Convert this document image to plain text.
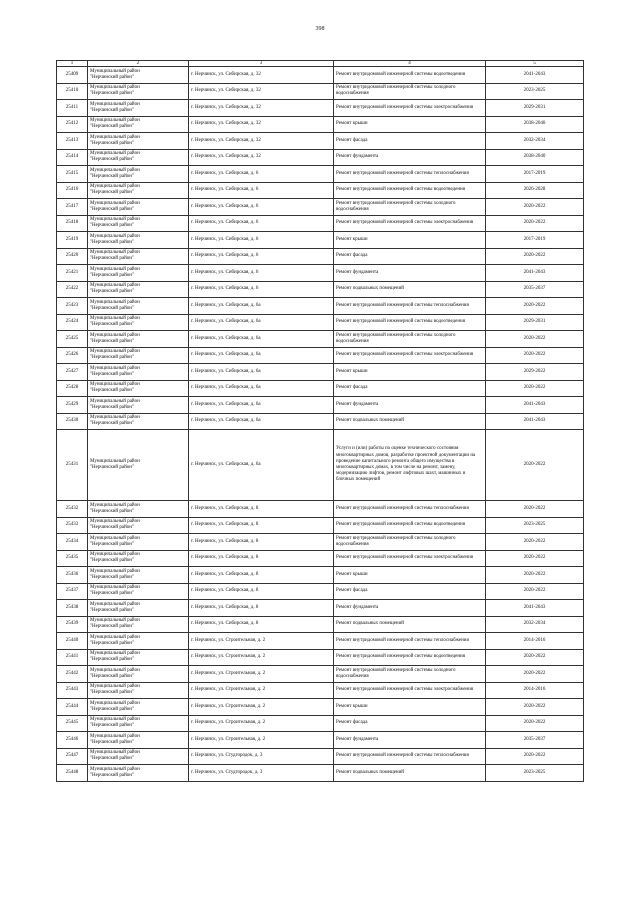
398
1	2	3	4	5
25409	Муниципальный район
"Нерчинский район"	г. Нерчинск, ул. Сибирская, д. 32	Ремонт внутридомовой инженерной системы водоотведения	2041-2043
25410	Муниципальный район
"Нерчинский район"	г. Нерчинск, ул. Сибирская, д. 32	Ремонт внутридомовой инженерной системы холодного водоснабжения	2023-2025
25411	Муниципальный район
"Нерчинский район"	г. Нерчинск, ул. Сибирская, д. 32	Ремонт внутридомовой инженерной системы электроснабжения	2029-2031
25412	Муниципальный район
"Нерчинский район"	г. Нерчинск, ул. Сибирская, д. 32	Ремонт крыши	2038-2040
25413	Муниципальный район
"Нерчинский район"	г. Нерчинск, ул. Сибирская, д. 32	Ремонт фасада	2032-2034
25414	Муниципальный район
"Нерчинский район"	г. Нерчинск, ул. Сибирская, д. 32	Ремонт фундамента	2038-2040
25415	Муниципальный район
"Нерчинский район"	г. Нерчинск, ул. Сибирская, д. 6	Ремонт внутридомовой инженерной системы теплоснабжения	2017-2019
25416	Муниципальный район
"Нерчинский район"	г. Нерчинск, ул. Сибирская, д. 6	Ремонт внутридомовой инженерной системы водоотведения	2026-2028
25417	Муниципальный район
"Нерчинский район"	г. Нерчинск, ул. Сибирская, д. 6	Ремонт внутридомовой инженерной системы холодного водоснабжения	2020-2022
25418	Муниципальный район
"Нерчинский район"	г. Нерчинск, ул. Сибирская, д. 6	Ремонт внутридомовой инженерной системы электроснабжения	2020-2022
25419	Муниципальный район
"Нерчинский район"	г. Нерчинск, ул. Сибирская, д. 6	Ремонт крыши	2017-2019
25420	Муниципальный район
"Нерчинский район"	г. Нерчинск, ул. Сибирская, д. 6	Ремонт фасада	2020-2022
25421	Муниципальный район
"Нерчинский район"	г. Нерчинск, ул. Сибирская, д. 6	Ремонт фундамента	2041-2043
25422	Муниципальный район
"Нерчинский район"	г. Нерчинск, ул. Сибирская, д. 6	Ремонт подвальных помещений	2035-2037
25423	Муниципальный район
"Нерчинский район"	г. Нерчинск, ул. Сибирская, д. 6а	Ремонт внутридомовой инженерной системы теплоснабжения	2020-2022
25424	Муниципальный район
"Нерчинский район"	г. Нерчинск, ул. Сибирская, д. 6а	Ремонт внутридомовой инженерной системы водоотведения	2029-2031
25425	Муниципальный район
"Нерчинский район"	г. Нерчинск, ул. Сибирская, д. 6а	Ремонт внутридомовой инженерной системы холодного водоснабжения	2020-2022
25426	Муниципальный район
"Нерчинский район"	г. Нерчинск, ул. Сибирская, д. 6а	Ремонт внутридомовой инженерной системы электроснабжения	2020-2022
25427	Муниципальный район
"Нерчинский район"	г. Нерчинск, ул. Сибирская, д. 6а	Ремонт крыши	2029-2022
25428	Муниципальный район
"Нерчинский район"	г. Нерчинск, ул. Сибирская, д. 6а	Ремонт фасада	2020-2022
25429	Муниципальный район
"Нерчинский район"	г. Нерчинск, ул. Сибирская, д. 6а	Ремонт фундамента	2041-2043
25430	Муниципальный район
"Нерчинский район"	г. Нерчинск, ул. Сибирская, д. 6а	Ремонт подвальных помещений	2041-2043
25431	Муниципальный район
"Нерчинский район"	г. Нерчинск, ул. Сибирская, д. 6а	Услуги и (или) работы по оценке технического состояния многоквартирных домов, разработке проектной документации на проведение капитального ремонта общего имущества в многоквартирных домах, в том числе на ремонт, замену, модернизацию лифтов, ремонт лифтовых шахт, машинных и блочных помещений	2020-2022
25432	Муниципальный район
"Нерчинский район"	г. Нерчинск, ул. Сибирская, д. 8	Ремонт внутридомовой инженерной системы теплоснабжения	2020-2022
25433	Муниципальный район
"Нерчинский район"	г. Нерчинск, ул. Сибирская, д. 8	Ремонт внутридомовой инженерной системы водоотведения	2023-2025
25434	Муниципальный район
"Нерчинский район"	г. Нерчинск, ул. Сибирская, д. 8	Ремонт внутридомовой инженерной системы холодного водоснабжения	2020-2022
25435	Муниципальный район
"Нерчинский район"	г. Нерчинск, ул. Сибирская, д. 8	Ремонт внутридомовой инженерной системы электроснабжения	2020-2022
25436	Муниципальный район
"Нерчинский район"	г. Нерчинск, ул. Сибирская, д. 8	Ремонт крыши	2020-2022
25437	Муниципальный район
"Нерчинский район"	г. Нерчинск, ул. Сибирская, д. 8	Ремонт фасада	2020-2022
25438	Муниципальный район
"Нерчинский район"	г. Нерчинск, ул. Сибирская, д. 8	Ремонт фундамента	2041-2043
25439	Муниципальный район
"Нерчинский район"	г. Нерчинск, ул. Сибирская, д. 8	Ремонт подвальных помещений	2032-2034
25440	Муниципальный район
"Нерчинский район"	г. Нерчинск, ул. Строительная, д. 2	Ремонт внутридомовой инженерной системы теплоснабжения	2014-2016
25441	Муниципальный район
"Нерчинский район"	г. Нерчинск, ул. Строительная, д. 2	Ремонт внутридомовой инженерной системы водоотведения	2020-2022
25442	Муниципальный район
"Нерчинский район"	г. Нерчинск, ул. Строительная, д. 2	Ремонт внутридомовой инженерной системы холодного водоснабжения	2020-2022
25443	Муниципальный район
"Нерчинский район"	г. Нерчинск, ул. Строительная, д. 2	Ремонт внутридомовой инженерной системы электроснабжения	2014-2016
25444	Муниципальный район
"Нерчинский район"	г. Нерчинск, ул. Строительная, д. 2	Ремонт крыши	2020-2022
25445	Муниципальный район
"Нерчинский район"	г. Нерчинск, ул. Строительная, д. 2	Ремонт фасада	2020-2022
25446	Муниципальный район
"Нерчинский район"	г. Нерчинск, ул. Строительная, д. 2	Ремонт фундамента	2035-2037
25447	Муниципальный район
"Нерчинский район"	г. Нерчинск, ул. Студгородок, д. 3	Ремонт внутридомовой инженерной системы теплоснабжения	2020-2022
25448	Муниципальный район
"Нерчинский район"	г. Нерчинск, ул. Студгородок, д. 3	Ремонт подвальных помещений	2023-2025
